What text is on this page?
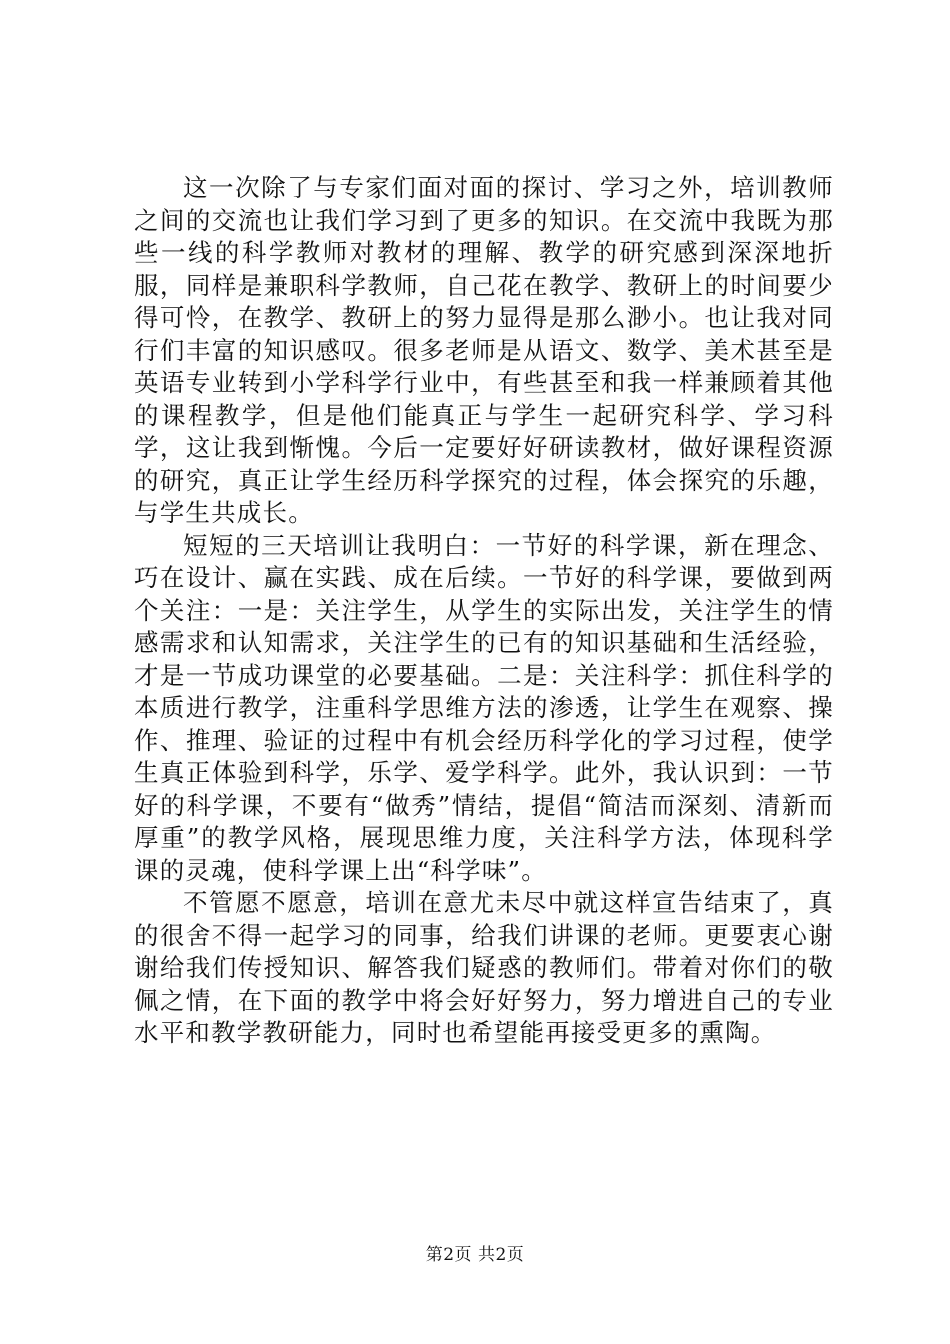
这一次除了与专家们面对面的探讨、学习之外，培训教师之间的交流也让我们学习到了更多的知识。在交流中我既为那些一线的科学教师对教材的理解、教学的研究感到深深地折服，同样是兼职科学教师，自己花在教学、教研上的时间要少得可怜，在教学、教研上的努力显得是那么渺小。也让我对同行们丰富的知识感叹。很多老师是从语文、数学、美术甚至是英语专业转到小学科学行业中，有些甚至和我一样兼顾着其他的课程教学，但是他们能真正与学生一起研究科学、学习科学，这让我到惭愧。今后一定要好好研读教材，做好课程资源的研究，真正让学生经历科学探究的过程，体会探究的乐趣，与学生共成长。

短短的三天培训让我明白：一节好的科学课，新在理念、巧在设计、赢在实践、成在后续。一节好的科学课，要做到两个关注：一是：关注学生，从学生的实际出发，关注学生的情感需求和认知需求，关注学生的已有的知识基础和生活经验，才是一节成功课堂的必要基础。二是：关注科学：抓住科学的本质进行教学，注重科学思维方法的渗透，让学生在观察、操作、推理、验证的过程中有机会经历科学化的学习过程，使学生真正体验到科学，乐学、爱学科学。此外，我认识到：一节好的科学课，不要有“做秀”情结，提倡“简洁而深刻、清新而厚重”的教学风格，展现思维力度，关注科学方法，体现科学课的灵魂，使科学课上出“科学味”。

不管愿不愿意，培训在意尤未尽中就这样宣告结束了，真的很舍不得一起学习的同事，给我们讲课的老师。更要衷心谢谢给我们传授知识、解答我们疑惑的教师们。带着对你们的敬佩之情，在下面的教学中将会好好努力，努力增进自己的专业水平和教学教研能力，同时也希望能再接受更多的熏陶。

第2页 共2页
